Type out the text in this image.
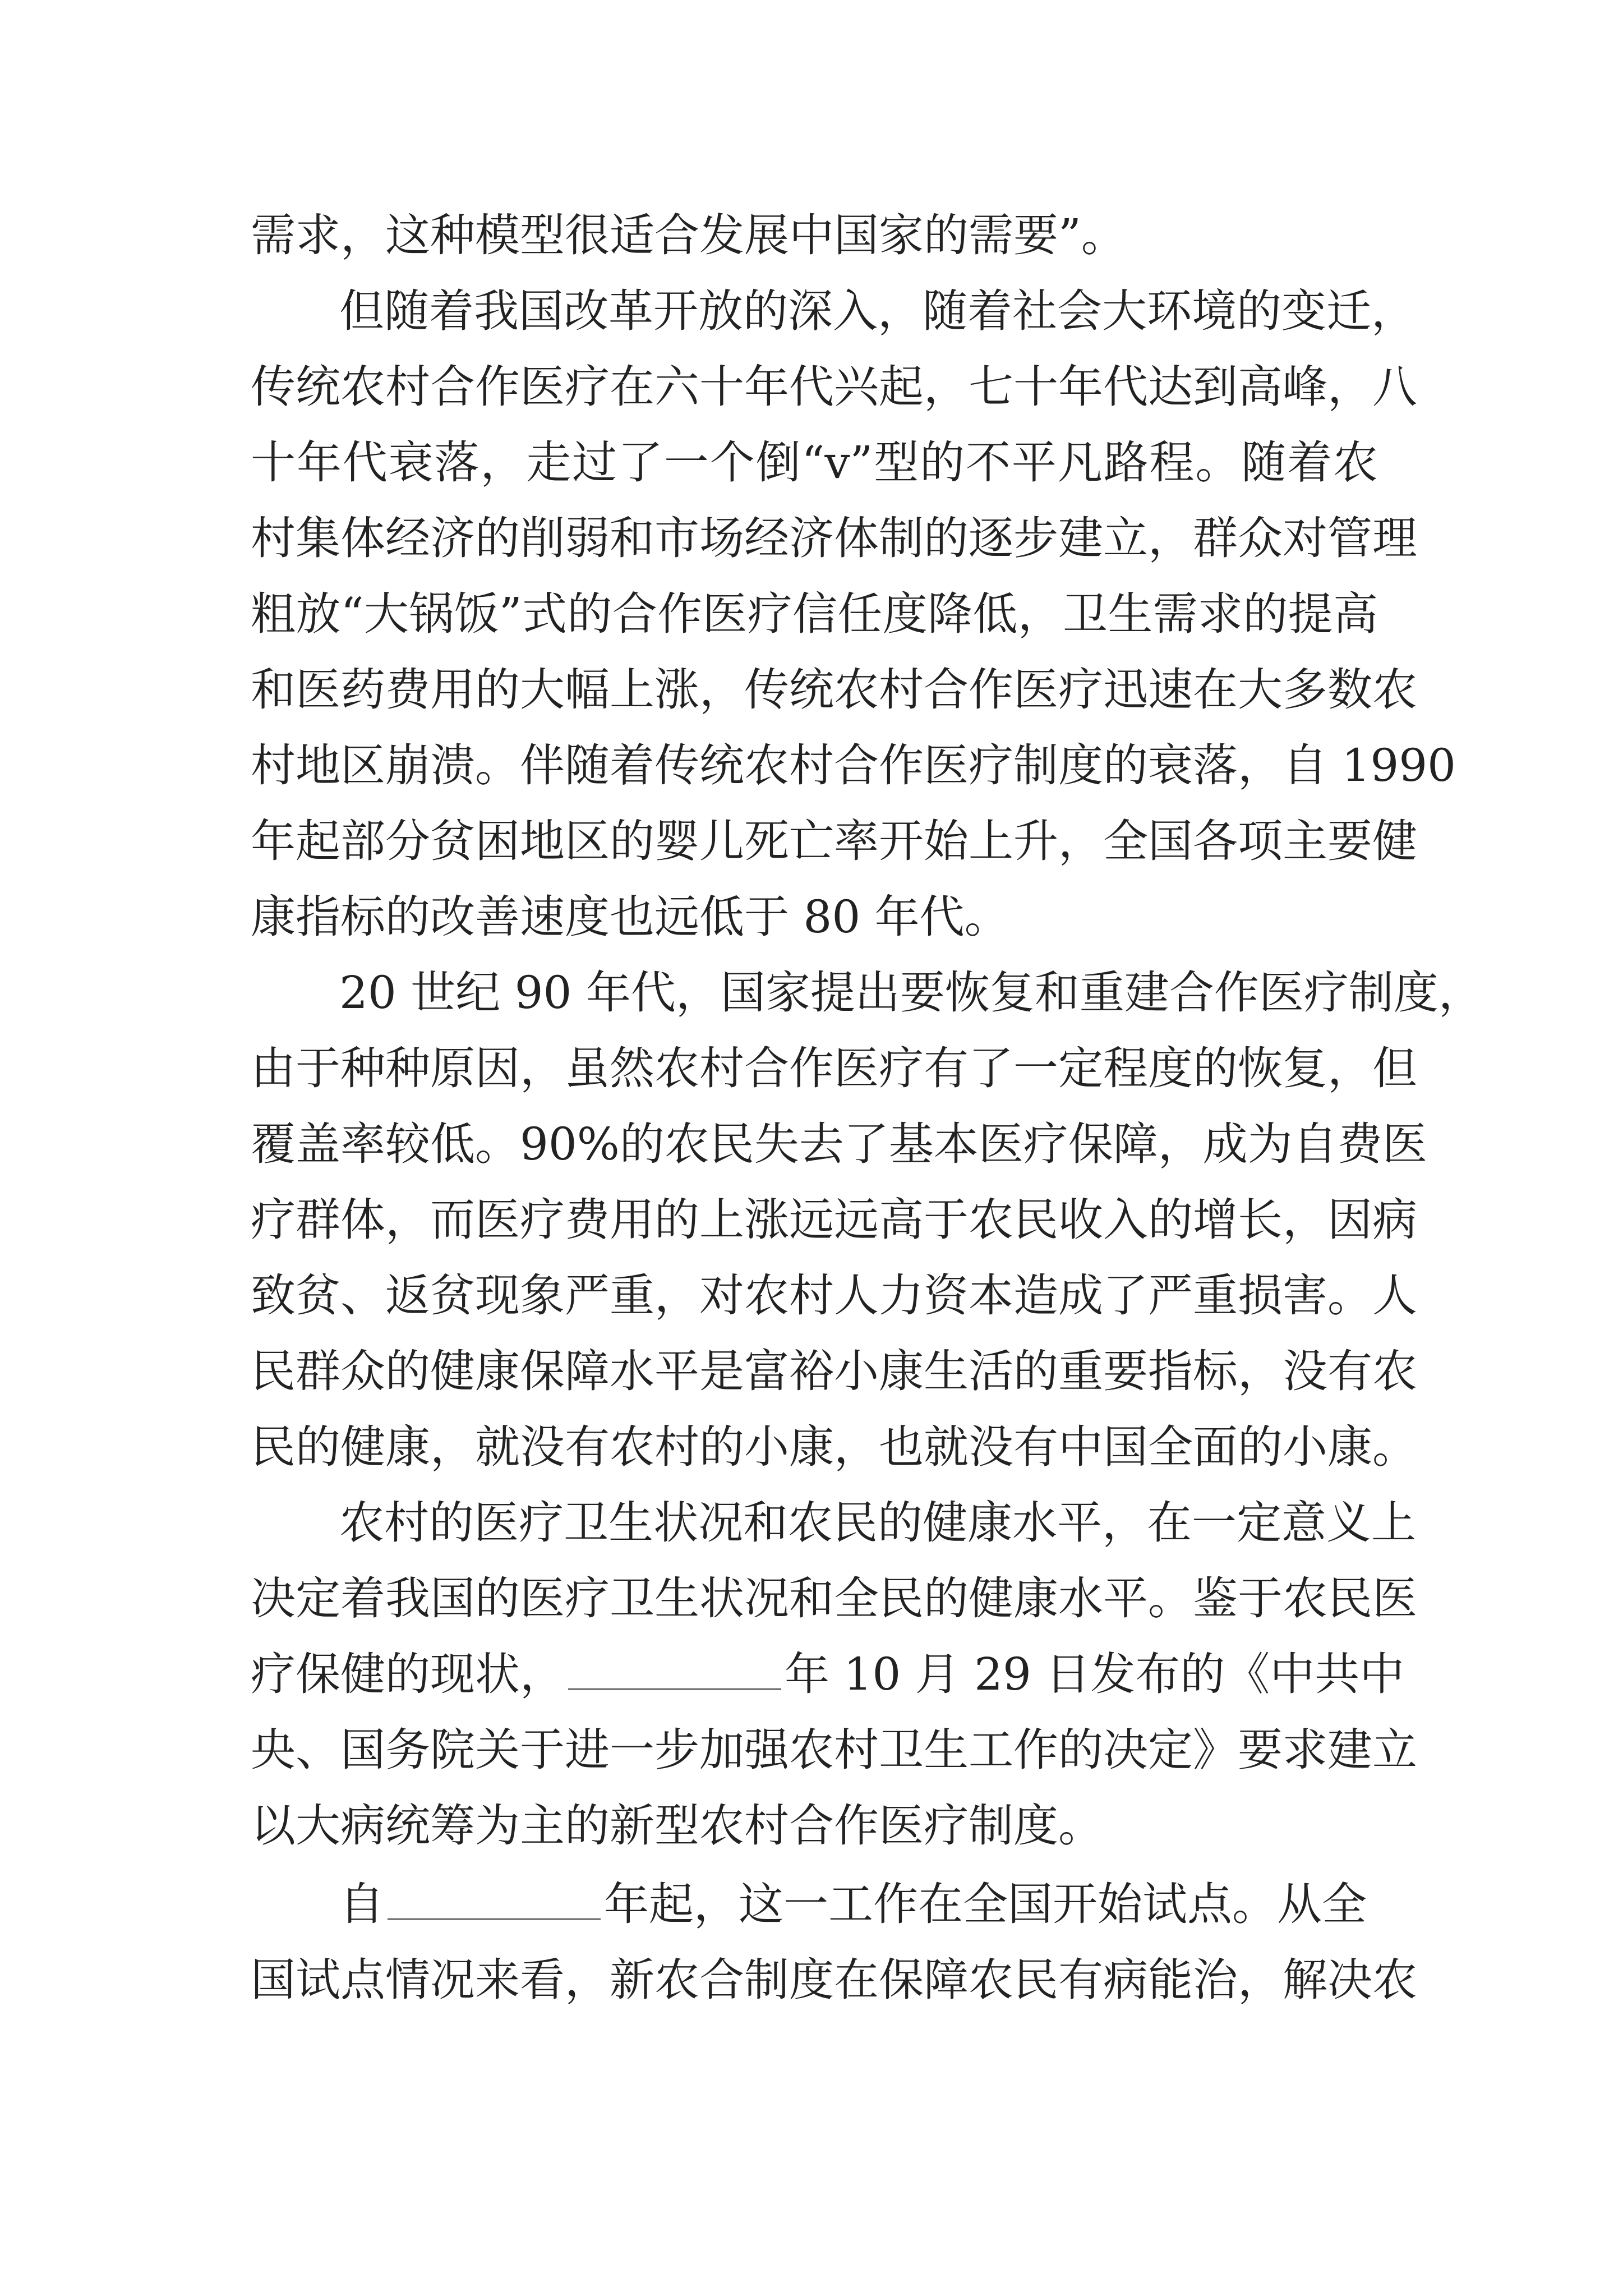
需求，这种模型很适合发展中国家的需要”。
但随着我国改革开放的深入，随着社会大环境的变迁，
传统农村合作医疗在六十年代兴起，七十年代达到高峰，八
十年代衰落，走过了一个倒“v”型的不平凡路程。随着农
村集体经济的削弱和市场经济体制的逐步建立，群众对管理
粗放“大锅饭”式的合作医疗信任度降低，卫生需求的提高
和医药费用的大幅上涨，传统农村合作医疗迅速在大多数农
村地区崩溃。伴随着传统农村合作医疗制度的衰落，自 1990
年起部分贫困地区的婴儿死亡率开始上升，全国各项主要健
康指标的改善速度也远低于 80 年代。
20 世纪 90 年代，国家提出要恢复和重建合作医疗制度，
由于种种原因，虽然农村合作医疗有了一定程度的恢复，但
覆盖率较低。90%的农民失去了基本医疗保障，成为自费医
疗群体，而医疗费用的上涨远远高于农民收入的增长，因病
致贫、返贫现象严重，对农村人力资本造成了严重损害。人
民群众的健康保障水平是富裕小康生活的重要指标，没有农
民的健康，就没有农村的小康，也就没有中国全面的小康。
农村的医疗卫生状况和农民的健康水平，在一定意义上
决定着我国的医疗卫生状况和全民的健康水平。鉴于农民医
疗保健的现状，	年 10 月 29 日发布的《中共中
央、国务院关于进一步加强农村卫生工作的决定》要求建立
以大病统筹为主的新型农村合作医疗制度。
自	年起，这一工作在全国开始试点。从全
国试点情况来看，新农合制度在保障农民有病能治，解决农
